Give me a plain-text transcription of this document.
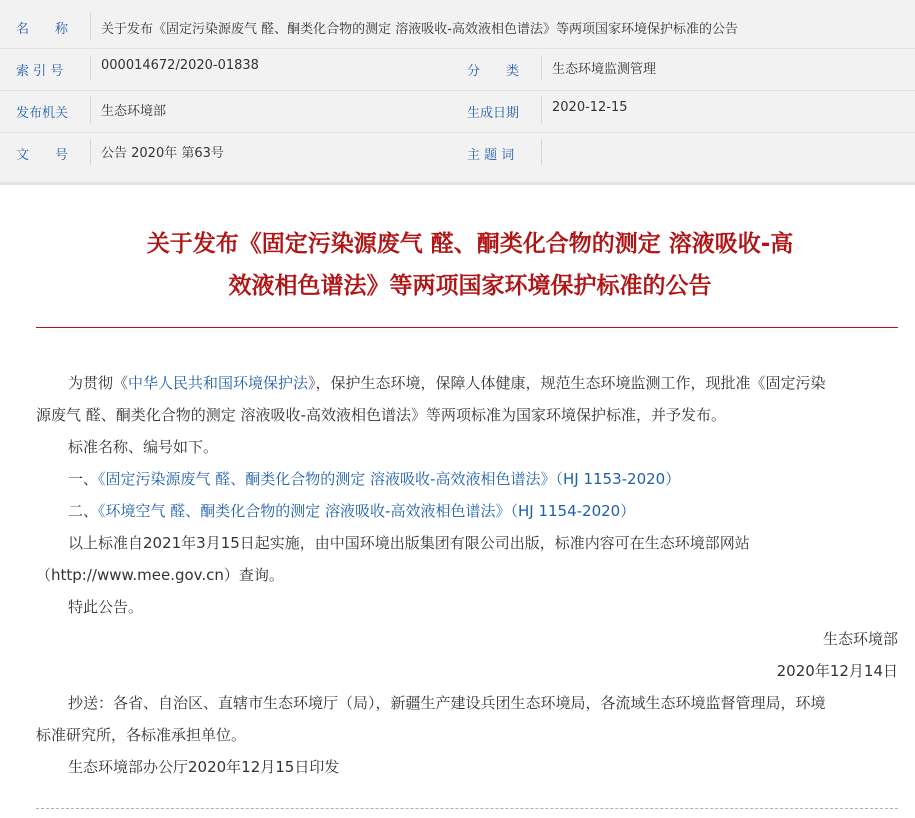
名　　称	关于发布《固定污染源废气 醛、酮类化合物的测定 溶液吸收-高效液相色谱法》等两项国家环境保护标准的公告
索 引 号	000014672/2020-01838	分　　类	生态环境监测管理
发布机关	生态环境部	生成日期	2020-12-15
文　　号	公告 2020年 第63号	主 题 词
关于发布《固定污染源废气 醛、酮类化合物的测定 溶液吸收-高
效液相色谱法》等两项国家环境保护标准的公告
为贯彻《中华人民共和国环境保护法》，保护生态环境，保障人体健康，规范生态环境监测工作，现批准《固定污染
源废气 醛、酮类化合物的测定 溶液吸收-高效液相色谱法》等两项标准为国家环境保护标准，并予发布。
标准名称、编号如下。
一、《固定污染源废气 醛、酮类化合物的测定 溶液吸收-高效液相色谱法》（HJ 1153-2020）
二、《环境空气 醛、酮类化合物的测定 溶液吸收-高效液相色谱法》（HJ 1154-2020）
以上标准自2021年3月15日起实施，由中国环境出版集团有限公司出版，标准内容可在生态环境部网站
（http://www.mee.gov.cn）查询。
特此公告。
生态环境部
2020年12月14日
抄送：各省、自治区、直辖市生态环境厅（局），新疆生产建设兵团生态环境局，各流域生态环境监督管理局，环境
标准研究所，各标准承担单位。
生态环境部办公厅2020年12月15日印发
